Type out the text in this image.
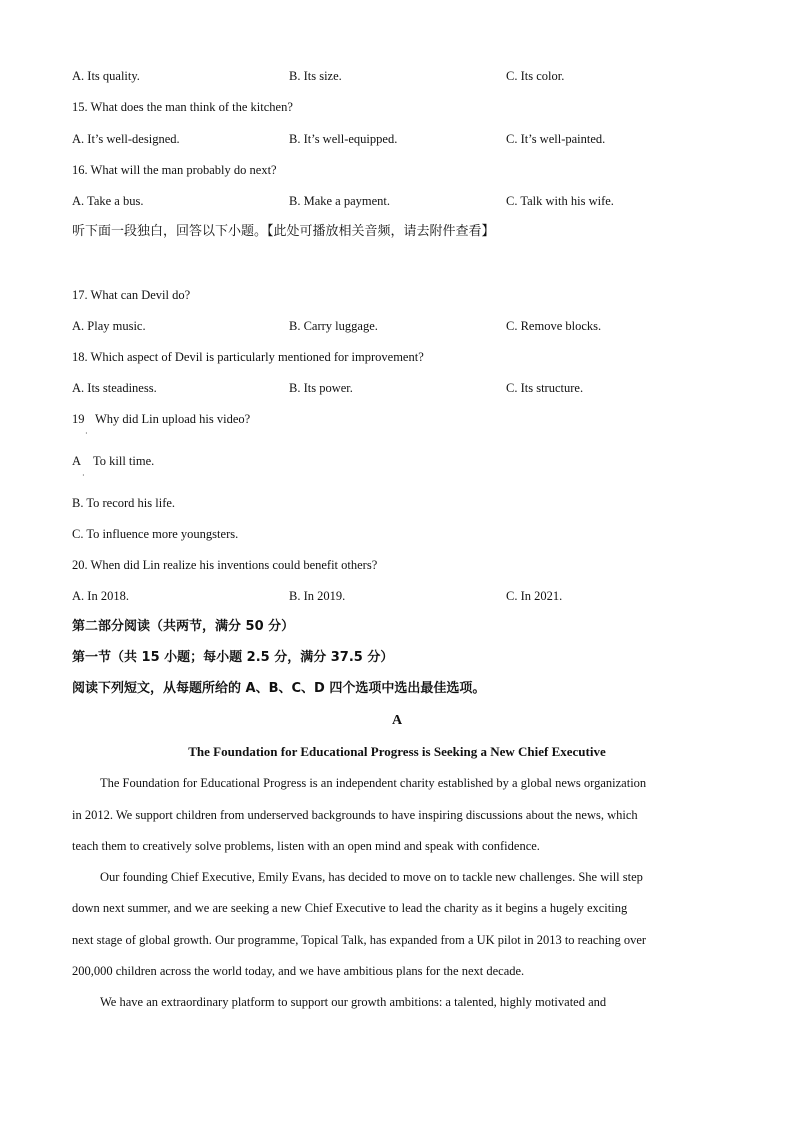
A. Its quality.	B. Its size.	C. Its color.
15. What does the man think of the kitchen?
A. It’s well-designed.	B. It’s well-equipped.	C. It’s well-painted.
16. What will the man probably do next?
A. Take a bus.	B. Make a payment.	C. Talk with his wife.
听下面一段独白，回答以下小题。【此处可播放相关音频，请去附件查看】
17. What can Devil do?
A. Play music.	B. Carry luggage.	C. Remove blocks.
18. Which aspect of Devil is particularly mentioned for improvement?
A. Its steadiness.	B. Its power.	C. Its structure.
19 Why did Lin upload his video?
·
A To kill time.
·
B. To record his life.
C. To influence more youngsters.
20. When did Lin realize his inventions could benefit others?
A. In 2018.	B. In 2019.	C. In 2021.
第二部分阅读（共两节，满分 50 分）
第一节（共 15 小题；每小题 2.5 分，满分 37.5 分）
阅读下列短文，从每题所给的 A、B、C、D 四个选项中选出最佳选项。
A
The Foundation for Educational Progress is Seeking a New Chief Executive
The Foundation for Educational Progress is an independent charity established by a global news organization
in 2012. We support children from underserved backgrounds to have inspiring discussions about the news, which
teach them to creatively solve problems, listen with an open mind and speak with confidence.
Our founding Chief Executive, Emily Evans, has decided to move on to tackle new challenges. She will step
down next summer, and we are seeking a new Chief Executive to lead the charity as it begins a hugely exciting
next stage of global growth. Our programme, Topical Talk, has expanded from a UK pilot in 2013 to reaching over
200,000 children across the world today, and we have ambitious plans for the next decade.
We have an extraordinary platform to support our growth ambitions: a talented, highly motivated and
